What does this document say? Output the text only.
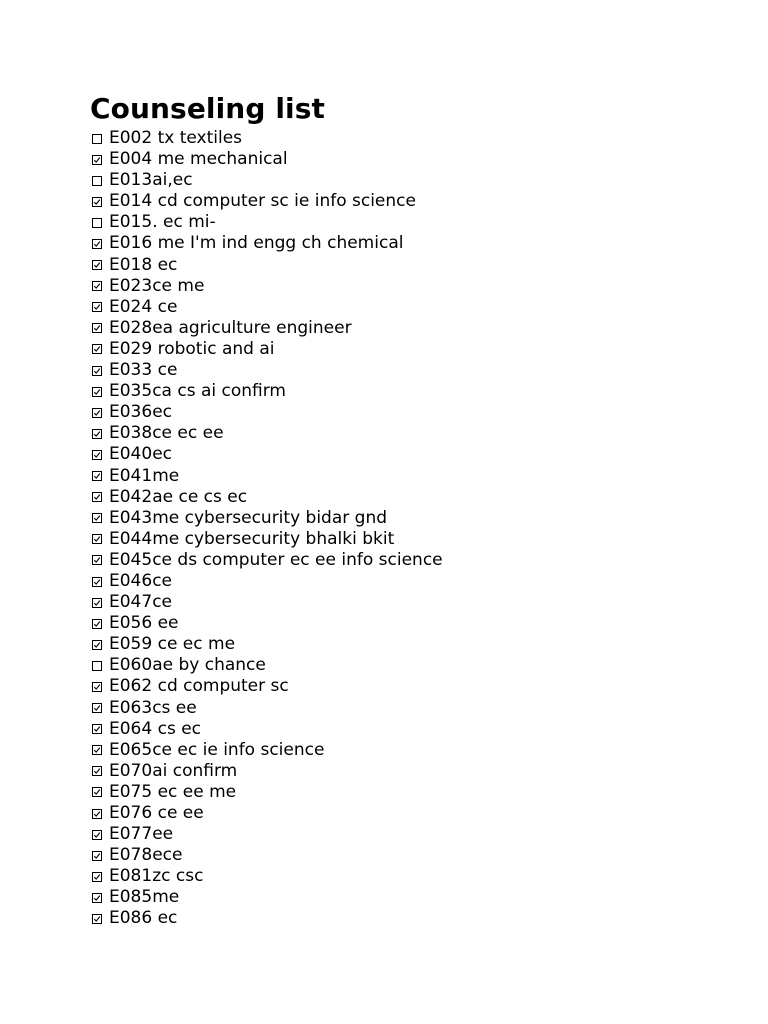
Counseling list
E002 tx textiles
E004 me mechanical
E013ai,ec
E014 cd computer sc ie info science
E015. ec mi-
E016 me I'm ind engg ch chemical
E018 ec
E023ce me
E024 ce
E028ea agriculture engineer
E029 robotic and ai
E033 ce
E035ca cs ai confirm
E036ec
E038ce ec ee
E040ec
E041me
E042ae ce cs ec
E043me cybersecurity bidar gnd
E044me cybersecurity bhalki bkit
E045ce ds computer ec ee info science
E046ce
E047ce
E056 ee
E059 ce ec me
E060ae by chance
E062 cd computer sc
E063cs ee
E064 cs ec
E065ce ec ie info science
E070ai confirm
E075 ec ee me
E076 ce ee
E077ee
E078ece
E081zc csc
E085me
E086 ec
